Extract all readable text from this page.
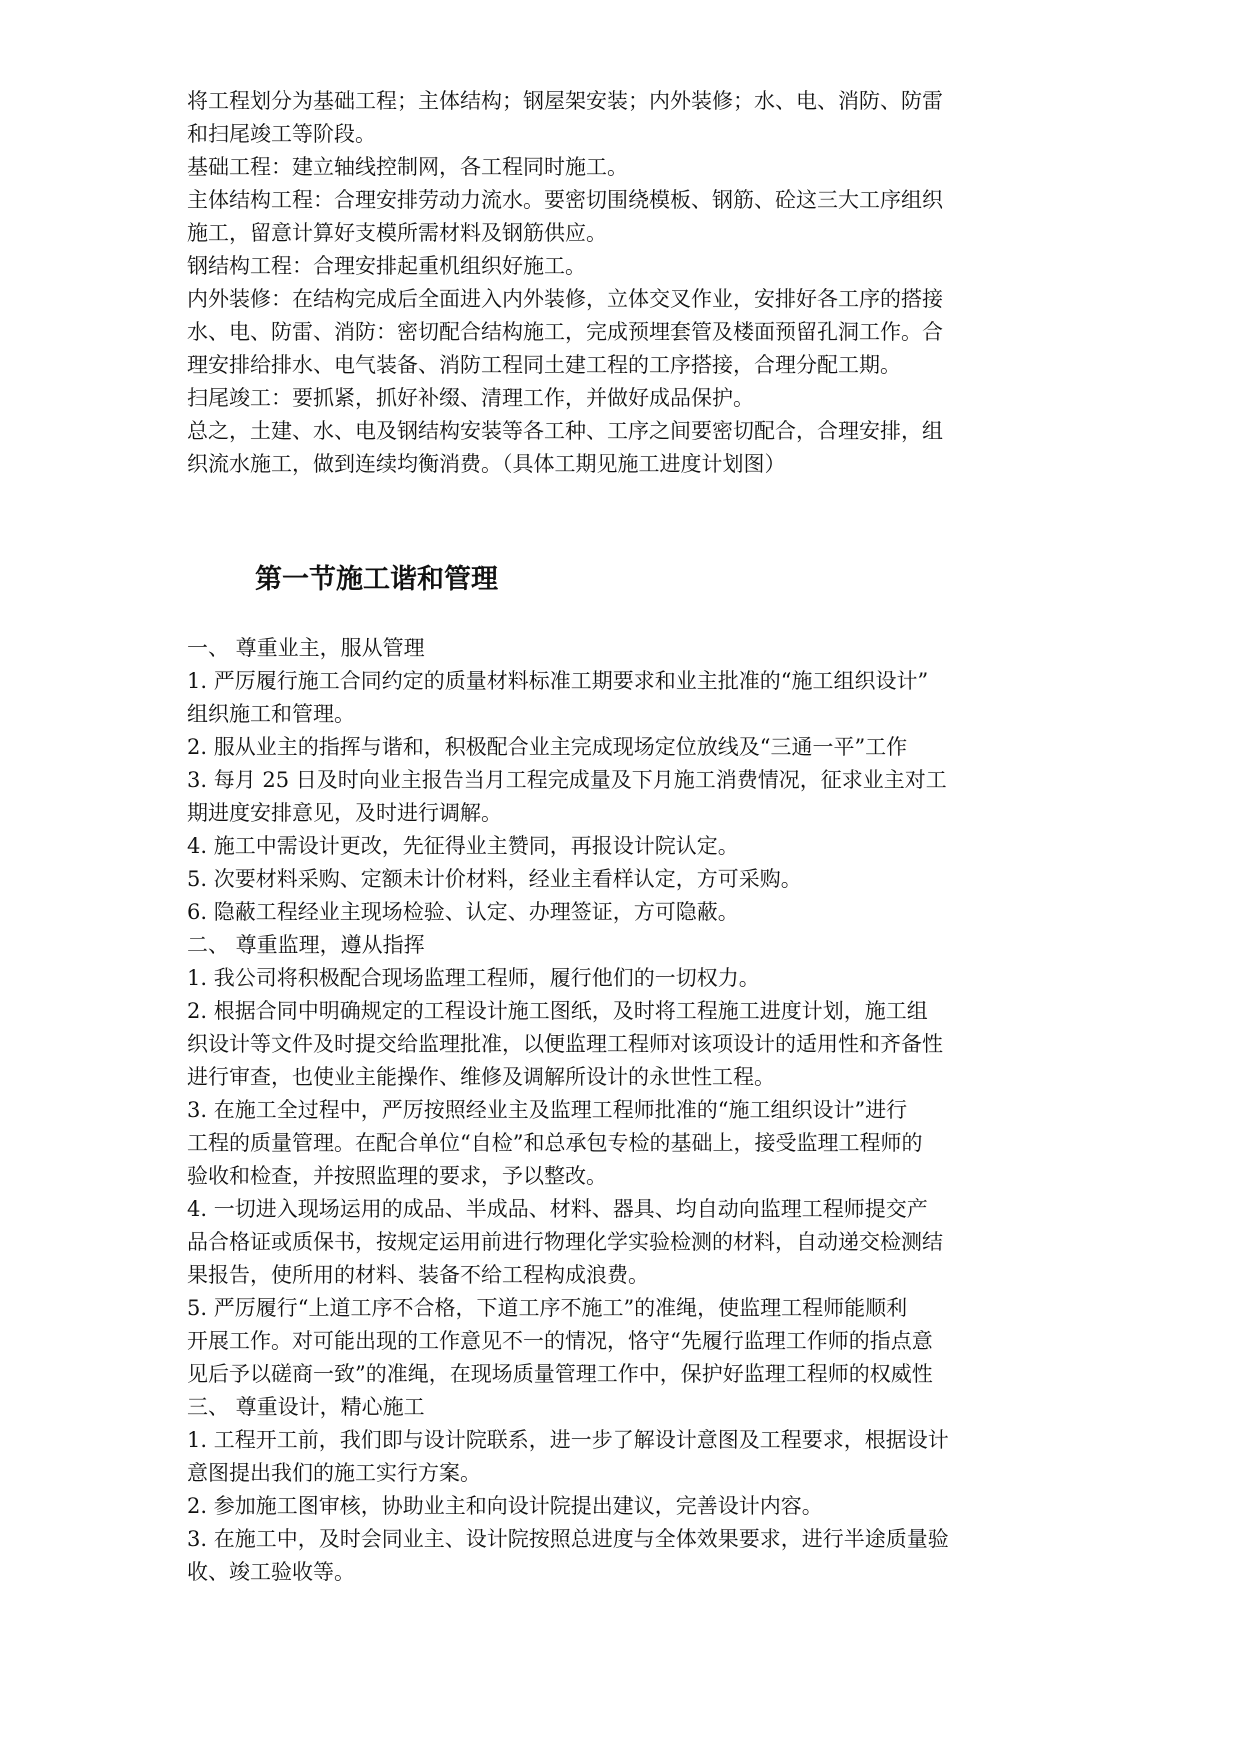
将工程划分为基础工程；主体结构；钢屋架安装；内外装修；水、电、消防、防雷
和扫尾竣工等阶段。
基础工程：建立轴线控制网，各工程同时施工。
主体结构工程：合理安排劳动力流水。要密切围绕模板、钢筋、砼这三大工序组织
施工，留意计算好支模所需材料及钢筋供应。
钢结构工程：合理安排起重机组织好施工。
内外装修：在结构完成后全面进入内外装修，立体交叉作业，安排好各工序的搭接
水、电、防雷、消防：密切配合结构施工，完成预埋套管及楼面预留孔洞工作。合
理安排给排水、电气装备、消防工程同土建工程的工序搭接，合理分配工期。
扫尾竣工：要抓紧，抓好补缀、清理工作，并做好成品保护。
总之，土建、水、电及钢结构安装等各工种、工序之间要密切配合，合理安排，组
织流水施工，做到连续均衡消费。（具体工期见施工进度计划图）
第一节施工谐和管理
一、 尊重业主，服从管理
1. 严厉履行施工合同约定的质量材料标准工期要求和业主批准的“施工组织设计”
组织施工和管理。
2. 服从业主的指挥与谐和，积极配合业主完成现场定位放线及“三通一平”工作
3. 每月 25 日及时向业主报告当月工程完成量及下月施工消费情况，征求业主对工
期进度安排意见，及时进行调解。
4. 施工中需设计更改，先征得业主赞同，再报设计院认定。
5. 次要材料采购、定额未计价材料，经业主看样认定，方可采购。
6. 隐蔽工程经业主现场检验、认定、办理签证，方可隐蔽。
二、 尊重监理，遵从指挥
1. 我公司将积极配合现场监理工程师，履行他们的一切权力。
2. 根据合同中明确规定的工程设计施工图纸，及时将工程施工进度计划，施工组
织设计等文件及时提交给监理批准，以便监理工程师对该项设计的适用性和齐备性
进行审查，也使业主能操作、维修及调解所设计的永世性工程。
3. 在施工全过程中，严厉按照经业主及监理工程师批准的“施工组织设计”进行
工程的质量管理。在配合单位“自检”和总承包专检的基础上，接受监理工程师的
验收和检查，并按照监理的要求，予以整改。
4. 一切进入现场运用的成品、半成品、材料、器具、均自动向监理工程师提交产
品合格证或质保书，按规定运用前进行物理化学实验检测的材料，自动递交检测结
果报告，使所用的材料、装备不给工程构成浪费。
5. 严厉履行“上道工序不合格，下道工序不施工”的准绳，使监理工程师能顺利
开展工作。对可能出现的工作意见不一的情况，恪守“先履行监理工作师的指点意
见后予以磋商一致”的准绳，在现场质量管理工作中，保护好监理工程师的权威性
三、 尊重设计，精心施工
1. 工程开工前，我们即与设计院联系，进一步了解设计意图及工程要求，根据设计
意图提出我们的施工实行方案。
2. 参加施工图审核，协助业主和向设计院提出建议，完善设计内容。
3. 在施工中，及时会同业主、设计院按照总进度与全体效果要求，进行半途质量验
收、竣工验收等。
